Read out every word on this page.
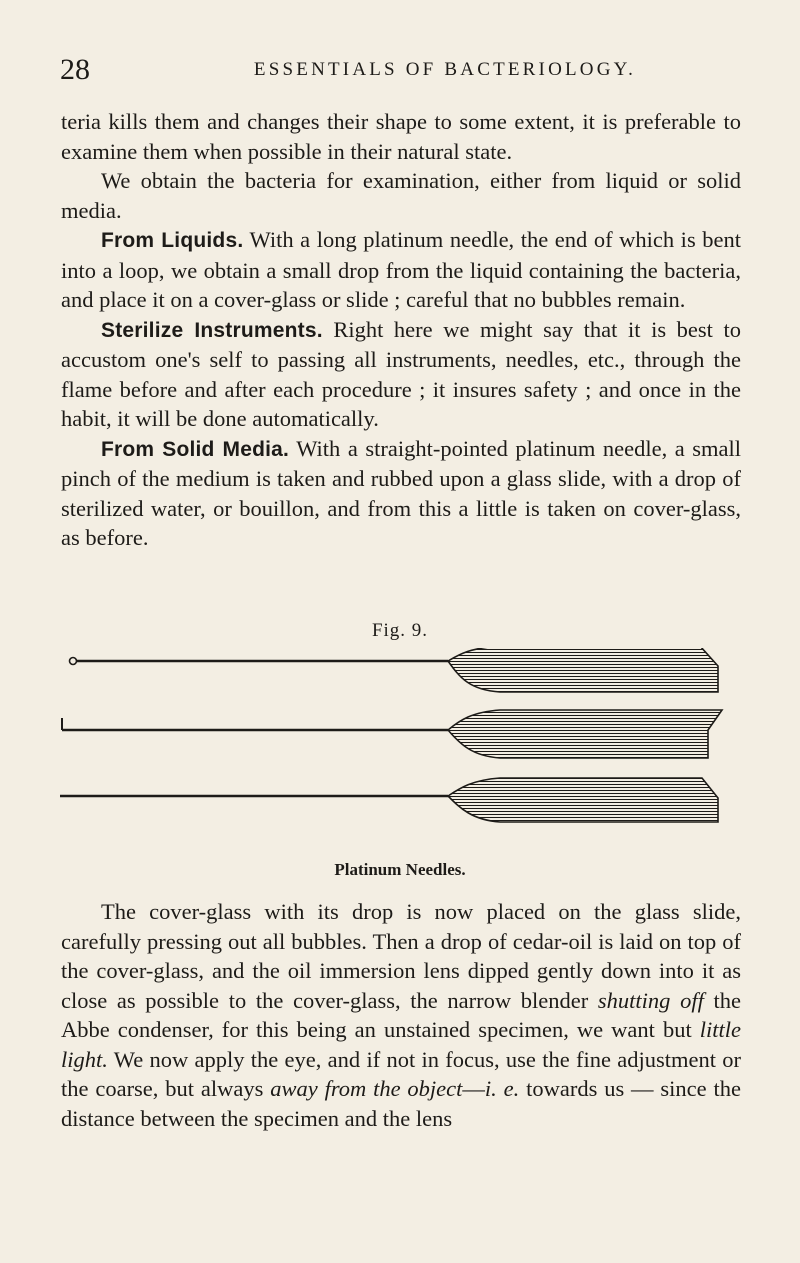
28	ESSENTIALS OF BACTERIOLOGY.

teria kills them and changes their shape to some extent, it is preferable to examine them when possible in their natural state.

We obtain the bacteria for examination, either from liquid or solid media.

From Liquids. With a long platinum needle, the end of which is bent into a loop, we obtain a small drop from the liquid containing the bacteria, and place it on a cover-glass or slide ; careful that no bubbles remain.

Sterilize Instruments. Right here we might say that it is best to accustom one's self to passing all instruments, needles, etc., through the flame before and after each procedure ; it insures safety ; and once in the habit, it will be done automatically.

From Solid Media. With a straight-pointed platinum needle, a small pinch of the medium is taken and rubbed upon a glass slide, with a drop of sterilized water, or bouillon, and from this a little is taken on cover-glass, as before.

Fig. 9.
Platinum Needles.

The cover-glass with its drop is now placed on the glass slide, carefully pressing out all bubbles. Then a drop of cedar-oil is laid on top of the cover-glass, and the oil immersion lens dipped gently down into it as close as possible to the cover-glass, the narrow blender shutting off the Abbe condenser, for this being an unstained specimen, we want but little light. We now apply the eye, and if not in focus, use the fine adjustment or the coarse, but always away from the object—i. e. towards us — since the distance between the specimen and the lens
